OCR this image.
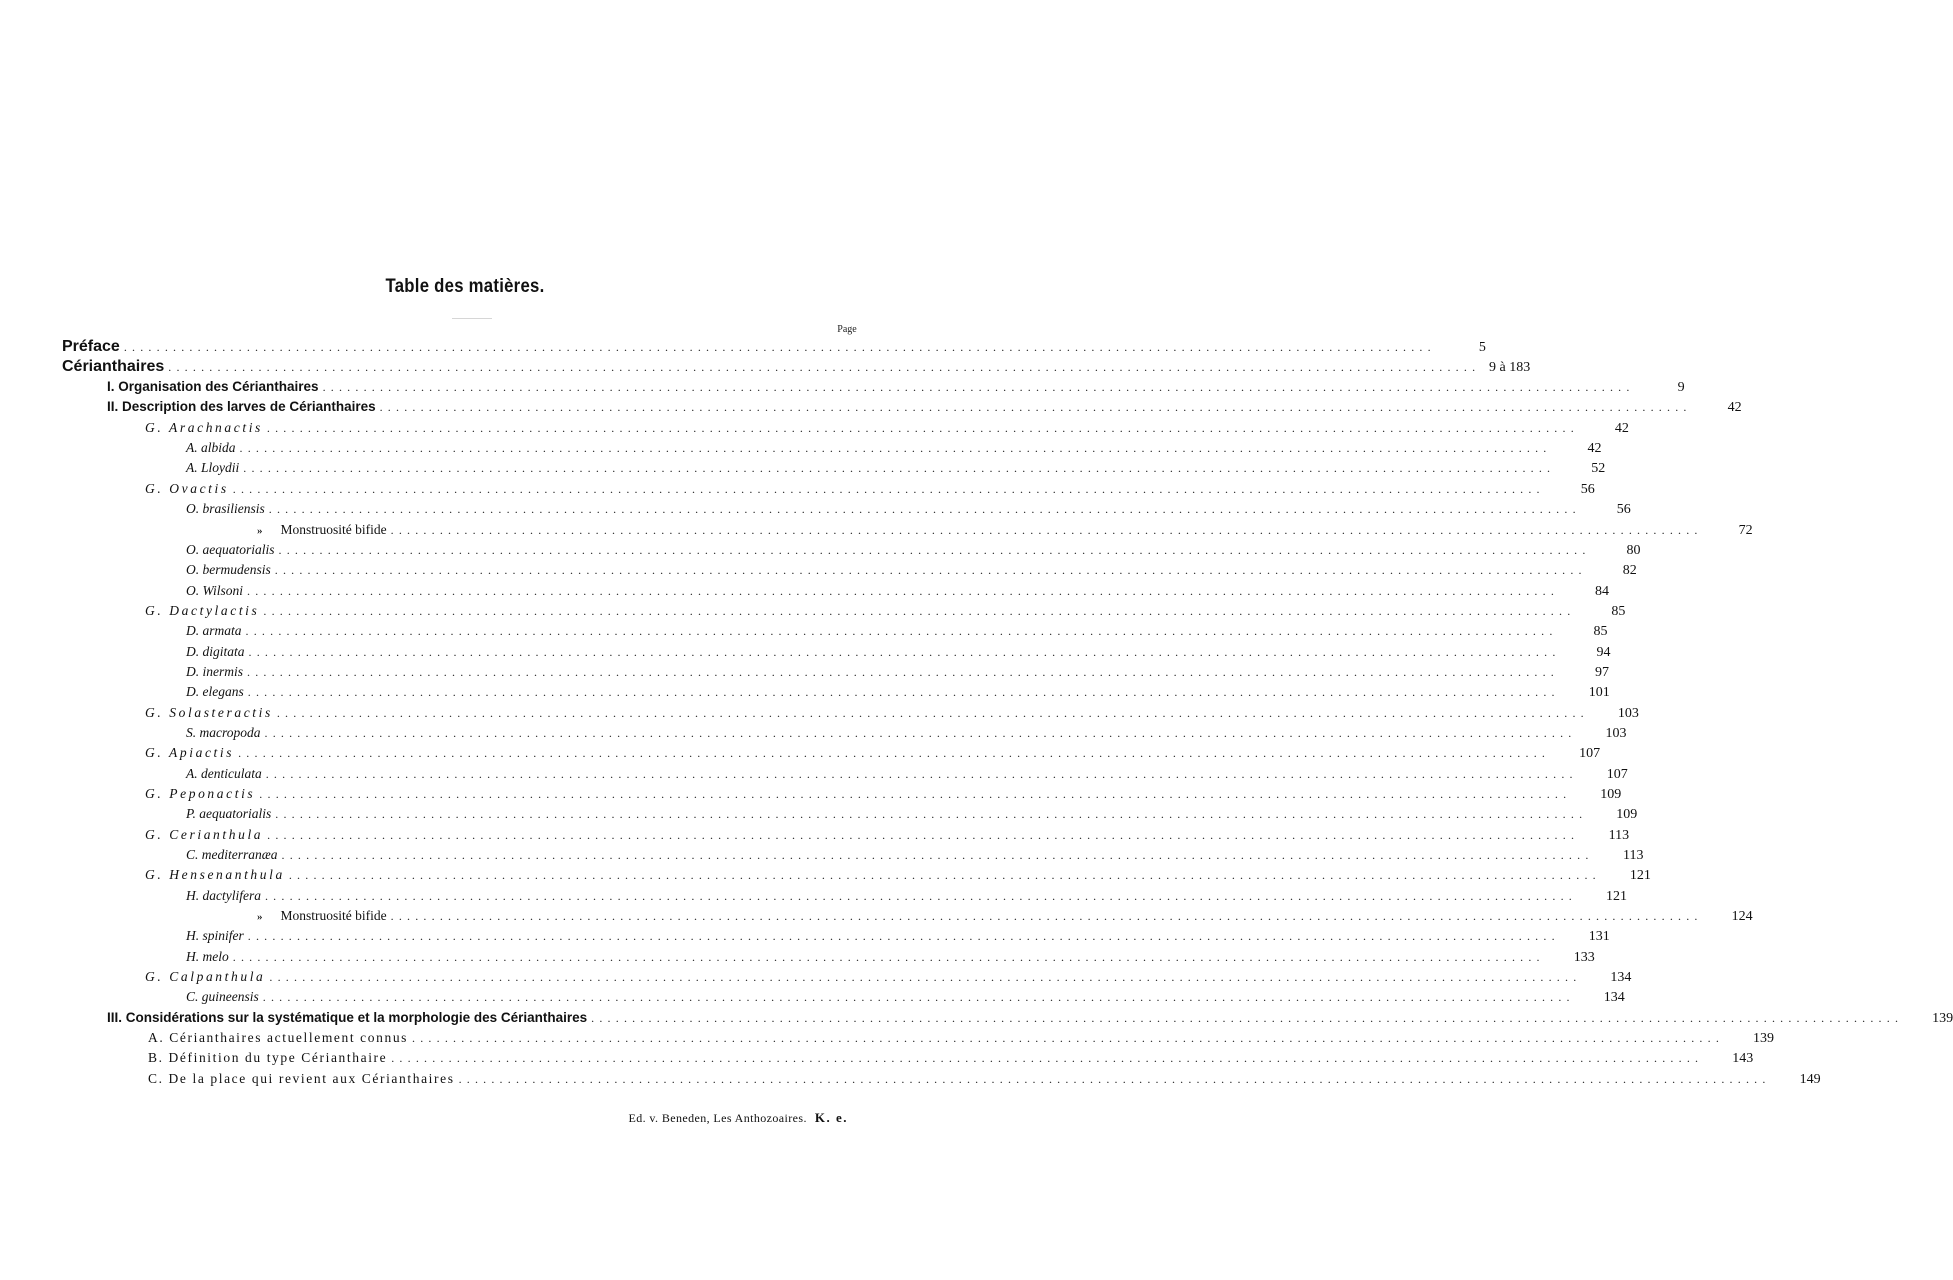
Table des matières.
Page
Préface ................................................................................................................................................................	5
Cérianthaires ................................................................................................................................................................ 9 à 183
I. Organisation des Cérianthaires ................................................................................................................................................................	9
II. Description des larves de Cérianthaires ................................................................................................................................................................	42
G. Arachnactis ................................................................................................................................................................	42
A. albida ................................................................................................................................................................	42
A. Lloydii ................................................................................................................................................................	52
G. Ovactis ................................................................................................................................................................	56
O. brasiliensis ................................................................................................................................................................	56
» Monstruosité bifide ................................................................................................................................................................	72
O. aequatorialis ................................................................................................................................................................	80
O. bermudensis ................................................................................................................................................................	82
O. Wilsoni ................................................................................................................................................................	84
G. Dactylactis ................................................................................................................................................................	85
D. armata ................................................................................................................................................................	85
D. digitata ................................................................................................................................................................	94
D. inermis ................................................................................................................................................................	97
D. elegans ................................................................................................................................................................	101
G. Solasteractis ................................................................................................................................................................	103
S. macropoda ................................................................................................................................................................	103
G. Apiactis ................................................................................................................................................................	107
A. denticulata ................................................................................................................................................................	107
G. Peponactis ................................................................................................................................................................	109
P. aequatorialis ................................................................................................................................................................	109
G. Cerianthula ................................................................................................................................................................	113
C. mediterranæa ................................................................................................................................................................	113
G. Hensenanthula ................................................................................................................................................................	121
H. dactylifera ................................................................................................................................................................	121
» Monstruosité bifide ................................................................................................................................................................	124
H. spinifer ................................................................................................................................................................	131
H. melo ................................................................................................................................................................	133
G. Calpanthula ................................................................................................................................................................	134
C. guineensis ................................................................................................................................................................	134
III. Considérations sur la systématique et la morphologie des Cérianthaires ................................................................................................................................................................	139
A. Cérianthaires actuellement connus ................................................................................................................................................................	139
B. Définition du type Cérianthaire ................................................................................................................................................................	143
C. De la place qui revient aux Cérianthaires ................................................................................................................................................................	149
Ed. v. Beneden, Les Anthozoaires. K. e.
